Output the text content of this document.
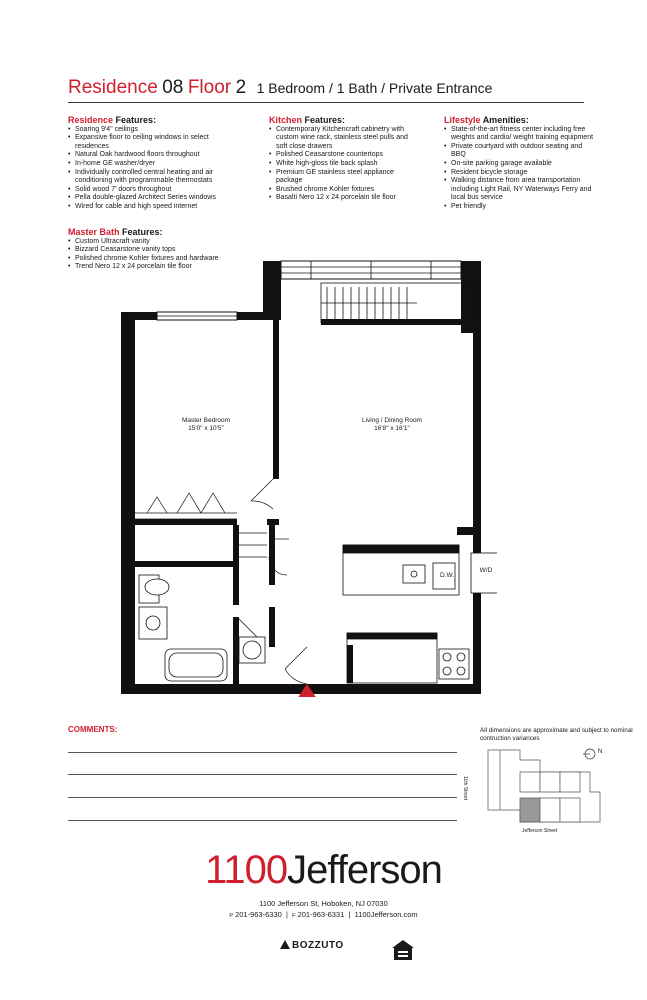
Residence 08 Floor 2 1 Bedroom / 1 Bath / Private Entrance
Residence Features:
• Soaring 9'4" ceilings
• Expansive floor to ceiling windows in select residences
• Natural Oak hardwood floors throughout
• In-home GE washer/dryer
• Individually controlled central heating and air conditioning with programmable thermostats
• Solid wood 7' doors throughout
• Pella double-glazed Architect Series windows
• Wired for cable and high speed internet
Master Bath Features:
• Custom Ultracraft vanity
• Bizzard Ceasarstone vanity tops
• Polished chrome Kohler fixtures and hardware
• Trend Nero 12 x 24 porcelain tile floor
Kitchen Features:
• Contemporary Kitchencraft cabinetry with custom wine rack, stainless steel pulls and soft close drawers
• Polished Ceasarstone countertops
• White high-gloss tile back splash
• Premium GE stainless steel appliance package
• Brushed chrome Kohler fixtures
• Basalti Nero 12 x 24 porcelain tile floor
Lifestyle Amenities:
• State-of-the-art fitness center including free weights and cardio/ weight training equipment
• Private courtyard with outdoor seating and BBQ
• On-site parking garage available
• Resident bicycle storage
• Walking distance from area transportation including Light Rail, NY Waterways Ferry and local bus service
• Pet friendly
Master Bedroom
15'0" x 10'5"
Living / Dining Room
16'8" x 16'1"
D.W.
W/D
COMMENTS:	All dimensions are approximate and subject to nominal contruction variances
N
11th Street
Jefferson Street
1100Jefferson
1100 Jefferson St, Hoboken, NJ 07030
P 201-963-6330  |  F 201-963-6331  |  1100Jefferson.com
BOZZUTO
